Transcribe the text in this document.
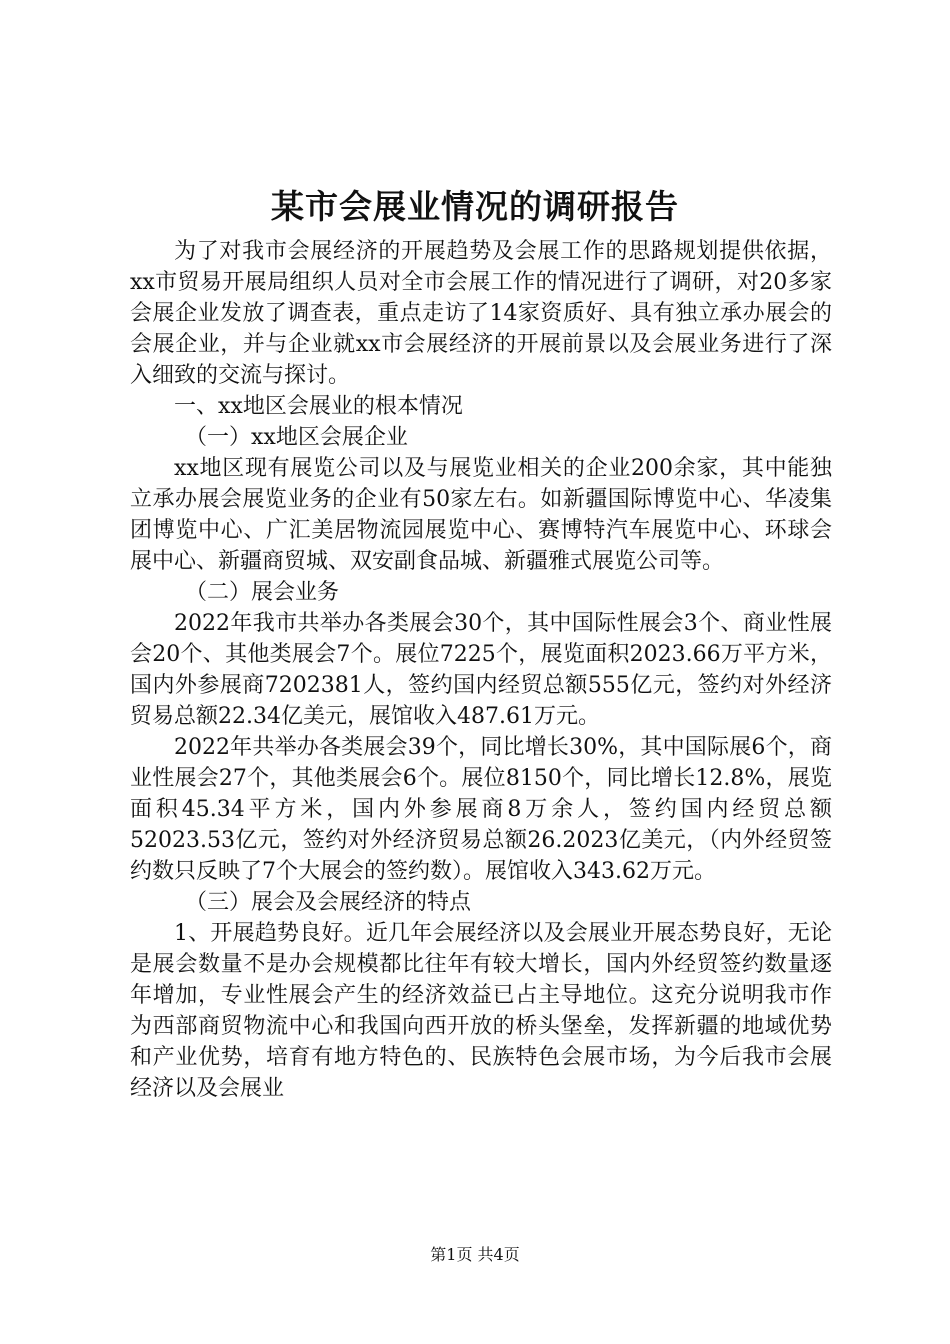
某市会展业情况的调研报告

为了对我市会展经济的开展趋势及会展工作的思路规划提供依据，xx市贸易开展局组织人员对全市会展工作的情况进行了调研，对20多家会展企业发放了调查表，重点走访了14家资质好、具有独立承办展会的会展企业，并与企业就xx市会展经济的开展前景以及会展业务进行了深入细致的交流与探讨。

一、xx地区会展业的根本情况

（一）xx地区会展企业

xx地区现有展览公司以及与展览业相关的企业200余家，其中能独立承办展会展览业务的企业有50家左右。如新疆国际博览中心、华凌集团博览中心、广汇美居物流园展览中心、赛博特汽车展览中心、环球会展中心、新疆商贸城、双安副食品城、新疆雅式展览公司等。

（二）展会业务

2022年我市共举办各类展会30个，其中国际性展会3个、商业性展会20个、其他类展会7个。展位7225个，展览面积2023.66万平方米，国内外参展商7202381人，签约国内经贸总额555亿元，签约对外经济贸易总额22.34亿美元，展馆收入487.61万元。

2022年共举办各类展会39个，同比增长30%，其中国际展6个，商业性展会27个，其他类展会6个。展位8150个，同比增长12.8%，展览面积45.34平方米，国内外参展商8万余人，签约国内经贸总额52023.53亿元，签约对外经济贸易总额26.2023亿美元，（内外经贸签约数只反映了7个大展会的签约数）。展馆收入343.62万元。

（三）展会及会展经济的特点

1、开展趋势良好。近几年会展经济以及会展业开展态势良好，无论是展会数量不是办会规模都比往年有较大增长，国内外经贸签约数量逐年增加，专业性展会产生的经济效益已占主导地位。这充分说明我市作为西部商贸物流中心和我国向西开放的桥头堡垒，发挥新疆的地域优势和产业优势，培育有地方特色的、民族特色会展市场，为今后我市会展经济以及会展业

第1页 共4页
